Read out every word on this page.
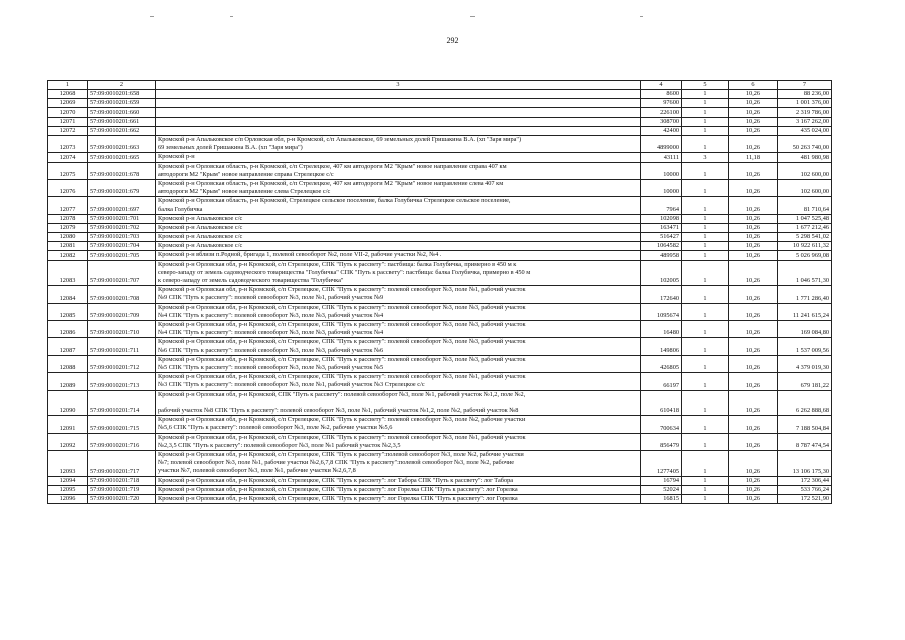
292
1	2	3	4	5	6	7
12068	57:09:0010201:658		8600	1	10,26	88 236,00
12069	57:09:0010201:659		97600	1	10,26	1 001 376,00
12070	57:09:0010201:660		226100	1	10,26	2 319 786,00
12071	57:09:0010201:661		308700	1	10,26	3 167 262,00
12072	57:09:0010201:662		42400	1	10,26	435 024,00
12073	57:09:0010201:663	Кромской р-н Апальковское с/п Орловская обл, р-н Кромской, с/п Апальковское, 69 земельных долей Гришакина В.А. (хп "Заря мира")
69 земельных долей Гришакина В.А. (хп "Заря мира")	4899000	1	10,26	50 263 740,00
12074	57:09:0010201:665	Кромской р-н	43111	3	11,18	481 980,98
12075	57:09:0010201:678	Кромской р-н Орловская область, р-н Кромской, с/п Стрелецкое, 407 км автодороги М2 "Крым" новое направление справа 407 км
автодороги М2 "Крым" новое направление справа Стрелецкое с/с	10000	1	10,26	102 600,00
12076	57:09:0010201:679	Кромской р-н Орловская область, р-н Кромской, с/п Стрелецкое, 407 км автодороги М2 "Крым" новое направление слева 407 км
автодороги М2 "Крым" новое направление слева Стрелецкое с/с	10000	1	10,26	102 600,00
12077	57:09:0010201:697	Кромской р-н Орловская область, р-н Кромской, Стрелецкое сельское поселение, балка Голубичка Стрелецкое сельское поселение,
балка Голубичка	7964	1	10,26	81 710,64
12078	57:09:0010201:701	Кромской р-н Апальковское с/с	102098	1	10,26	1 047 525,48
12079	57:09:0010201:702	Кромской р-н Апальковское с/с	163471	1	10,26	1 677 212,46
12080	57:09:0010201:703	Кромской р-н Апальковское с/с	516427	1	10,26	5 298 541,02
12081	57:09:0010201:704	Кромской р-н Апальковское с/с	1064582	1	10,26	10 922 611,32
12082	57:09:0010201:705	Кромской р-н вблизи п.Родной, бригада 1, полевой севооборот №2, поле VII-2, рабочие участки №2, №4 .	489958	1	10,26	5 026 969,08
12083	57:09:0010201:707	Кромской р-н Орловская обл, р-н Кромской, с/п Стрелецкое, СПК "Путь к рассвету": пастбища: балка Голубичка, примерно в 450 м к
северо-западу от земель садоводческого товарищества "Голубичка" СПК "Путь к рассвету": пастбища: балка Голубичка, примерно в 450 м
к северо-западу от земель садоводческого товарищества "Голубичка"	102005	1	10,26	1 046 571,30
12084	57:09:0010201:708	Кромской р-н Орловская обл, р-н Кромской, с/п Стрелецкое, СПК "Путь к рассвету": полевой севооборот №3, поле №1, рабочий участок
№9 СПК "Путь к рассвету": полевой севооборот №3, поле №1, рабочий участок №9	172640	1	10,26	1 771 286,40
12085	57:09:0010201:709	Кромской р-н Орловская обл, р-н Кромской, с/п Стрелецкое, СПК "Путь к рассвету": полевой севооборот №3, поле №3, рабочий участок
№4 СПК "Путь к рассвету": полевой севооборот №3, поле №3, рабочий участок №4	1095674	1	10,26	11 241 615,24
12086	57:09:0010201:710	Кромской р-н Орловская обл, р-н Кромской, с/п Стрелецкое, СПК "Путь к рассвету": полевой севооборот №3, поле №3, рабочий участок
№4 СПК "Путь к рассвету": полевой севооборот №3, поле №3, рабочий участок №4	16480	1	10,26	169 084,80
12087	57:09:0010201:711	Кромской р-н Орловская обл, р-н Кромской, с/п Стрелецкое, СПК "Путь к рассвету": полевой севооборот №3, поле №3, рабочий участок
№6 СПК "Путь к рассвету": полевой севооборот №3, поле №3, рабочий участок №6	149806	1	10,26	1 537 009,56
12088	57:09:0010201:712	Кромской р-н Орловская обл, р-н Кромской, с/п Стрелецкое, СПК "Путь к рассвету": полевой севооборот №3, поле №3, рабочий участок
№5 СПК "Путь к рассвету": полевой севооборот №3, поле №3, рабочий участок №5	426805	1	10,26	4 379 019,30
12089	57:09:0010201:713	Кромской р-н Орловская обл, р-н Кромской, с/п Стрелецкое, СПК "Путь к рассвету": полевой севооборот №3, поле №1, рабочий участок
№3 СПК "Путь к рассвету": полевой севооборот №3, поле №1, рабочий участок №3 Стрелецкое с/с	66197	1	10,26	679 181,22
12090	57:09:0010201:714	Кромской р-н Орловская обл, р-н Кромской, СПК "Путь к рассвету": полевой севооборот №3, поле №1, рабочий участок №1,2, поле №2,
рабочий участок №8 СПК "Путь к рассвету": полевой севооборот №3, поле №1, рабочий участок №1,2, поле №2, рабочий участок №8	610418	1	10,26	6 262 888,68
12091	57:09:0010201:715	Кромской р-н Орловская обл, р-н Кромской, с/п Стрелецкое, СПК "Путь к рассвету": полевой севооборот №3, поле №2, рабочие участки
№5,6 СПК "Путь к рассвету": полевой севооборот №3, поле №2, рабочие участки №5,6	700634	1	10,26	7 188 504,84
12092	57:09:0010201:716	Кромской р-н Орловская обл, р-н Кромской, с/п Стрелецкое, СПК "Путь к рассвету": полевой севооборот №3, поле №1, рабочий участок
№2,3,5 СПК "Путь к рассвету": полевой севооборот №3, поле №1 рабочий участок №2,3,5	856479	1	10,26	8 787 474,54
12093	57:09:0010201:717	Кромской р-н Орловская обл, р-н Кромской, с/п Стрелецкое, СПК "Путь к рассвету":полевой севооборот №3, поле №2, рабочие участки
№7; полевой севооборот №3, поле №1, рабочие участки №2,6,7,8 СПК "Путь к рассвету":полевой севооборот №3, поле №2, рабочие
участки №7, полевой севооборот №3, поле №1, рабочие участки №2,6,7,8	1277405	1	10,26	13 106 175,30
12094	57:09:0010201:718	Кромской р-н Орловская обл, р-н Кромской, с/п Стрелецкое, СПК "Путь к рассвету": лог Табора СПК "Путь к рассвету": лог Табора	16794	1	10,26	172 306,44
12095	57:09:0010201:719	Кромской р-н Орловская обл, р-н Кромской, с/п Стрелецкое, СПК "Путь к рассвету": лог Горелка СПК "Путь к рассвету": лог Горелка	52024	1	10,26	533 766,24
12096	57:09:0010201:720	Кромской р-н Орловская обл, р-н Кромской, с/п Стрелецкое, СПК "Путь к рассвету": лог Горелка СПК "Путь к рассвету": лог Горелка	16815	1	10,26	172 521,90
